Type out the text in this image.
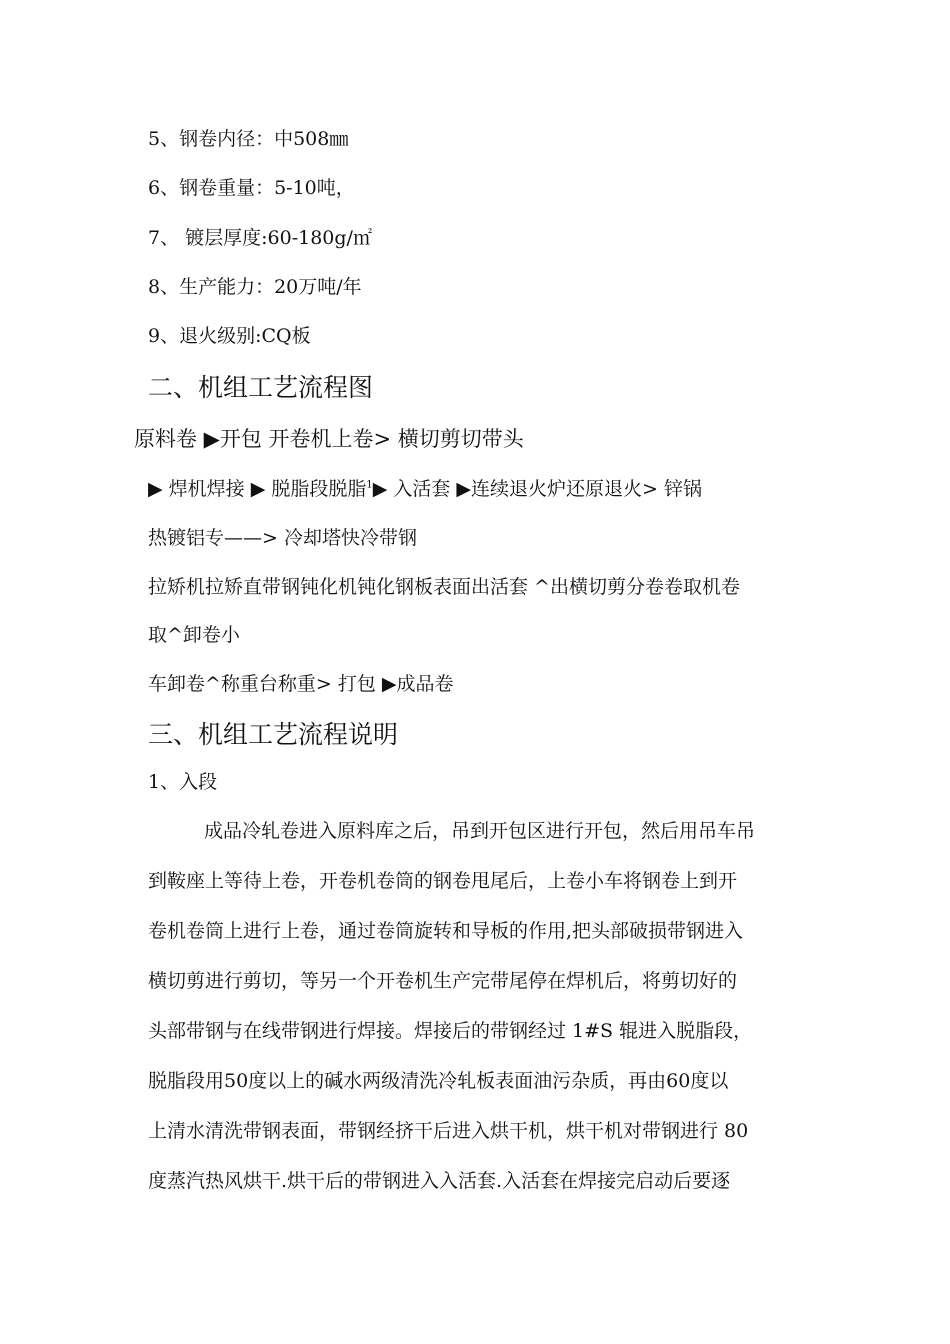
5、钢卷内径：中508㎜
6、钢卷重量：5-10吨，
7、 镀层厚度:60-180g/㎡
8、生产能力：20万吨/年
9、退火级别:CQ板
二、机组工艺流程图
原料卷 ▶开包 开卷机上卷> 横切剪切带头
▶ 焊机焊接 ▶ 脱脂段脱脂$^1$▶ 入活套 ▶连续退火炉还原退火> 锌锅
热镀铝专——> 冷却塔快冷带钢
拉矫机拉矫直带钢钝化机钝化钢板表面出活套 ^出横切剪分卷卷取机卷
取^卸卷小
车卸卷^称重台称重> 打包 ▶成品卷
三、机组工艺流程说明
1、入段
成品冷轧卷进入原料库之后，吊到开包区进行开包，然后用吊车吊
到鞍座上等待上卷，开卷机卷筒的钢卷甩尾后，上卷小车将钢卷上到开
卷机卷筒上进行上卷，通过卷筒旋转和导板的作用,把头部破损带钢进入
横切剪进行剪切，等另一个开卷机生产完带尾停在焊机后，将剪切好的
头部带钢与在线带钢进行焊接。焊接后的带钢经过 1#S 辊进入脱脂段，
脱脂段用50度以上的碱水两级清洗冷轧板表面油污杂质，再由60度以
上清水清洗带钢表面，带钢经挤干后进入烘干机，烘干机对带钢进行 80
度蒸汽热风烘干.烘干后的带钢进入入活套.入活套在焊接完启动后要逐
